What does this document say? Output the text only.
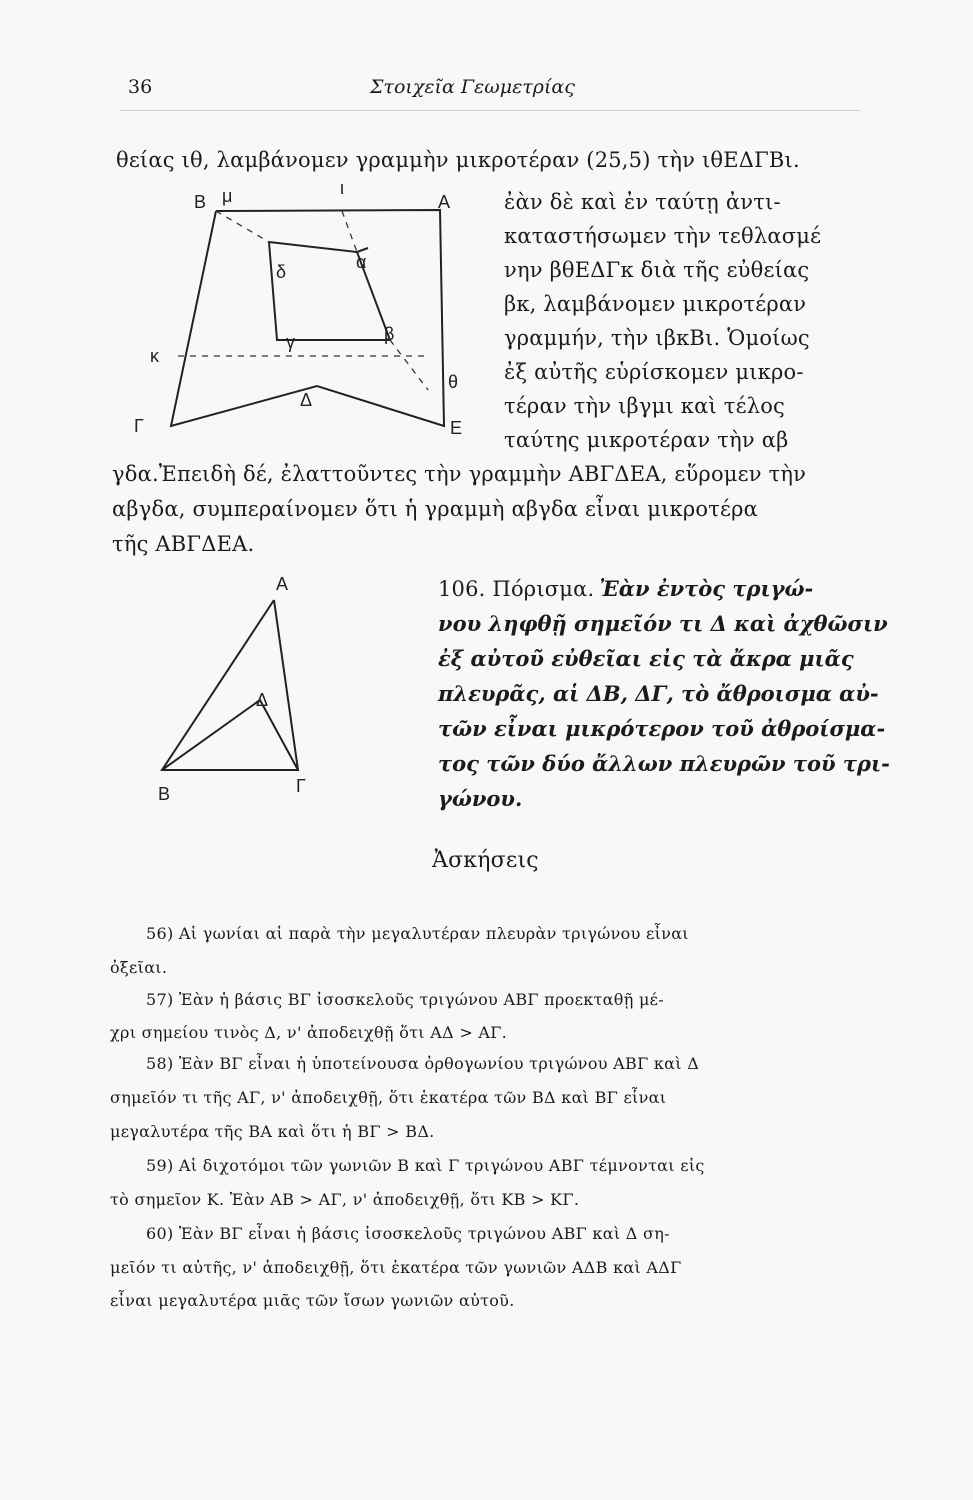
36	Στοιχεῖα Γεωμετρίας
θείας ιθ, λαμβάνομεν γραμμὴν μικροτέραν (25,5) τὴν ιθΕΔΓΒι.
Β μ	ι
Α
δ	α
γ	β
κ
θ
Δ
Γ	Ε
ἐὰν δὲ καὶ ἐν ταύτῃ ἀντι-
καταστήσωμεν τὴν τεθλασμέ
νην βθΕΔΓκ διὰ τῆς εὐθείας
βκ, λαμβάνομεν μικροτέραν
γραμμήν, τὴν ιβκΒι. Ὁμοίως
ἐξ αὐτῆς εὑρίσκομεν μικρο-
τέραν τὴν ιβγμι καὶ τέλος
ταύτης μικροτέραν τὴν αβ
γδα.Ἐπειδὴ δέ, ἐλαττοῦντες τὴν γραμμὴν ΑΒΓΔΕΑ, εὕρομεν τὴν
αβγδα, συμπεραίνομεν ὅτι ἡ γραμμὴ αβγδα εἶναι μικροτέρα
τῆς ΑΒΓΔΕΑ.
Α
Δ
Β	Γ
106. Πόρισμα. Ἐὰν ἐντὸς τριγώ-
νου ληφθῇ σημεῖόν τι Δ καὶ ἀχθῶσιν
ἐξ αὐτοῦ εὐθεῖαι εἰς τὰ ἄκρα μιᾶς
πλευρᾶς, αἱ ΔΒ, ΔΓ, τὸ ἄθροισμα αὐ-
τῶν εἶναι μικρότερον τοῦ ἀθροίσμα-
τος τῶν δύο ἄλλων πλευρῶν τοῦ τρι-
γώνου.
Ἀσκήσεις
56) Αἱ γωνίαι αἱ παρὰ τὴν μεγαλυτέραν πλευρὰν τριγώνου εἶναι
ὀξεῖαι.
57) Ἐὰν ἡ βάσις ΒΓ ἰσοσκελοῦς τριγώνου ΑΒΓ προεκταθῇ μέ-
χρι σημείου τινὸς Δ, ν' ἀποδειχθῇ ὅτι ΑΔ > ΑΓ.
58) Ἐὰν ΒΓ εἶναι ἡ ὑποτείνουσα ὀρθογωνίου τριγώνου ΑΒΓ καὶ Δ
σημεῖόν τι τῆς ΑΓ, ν' ἀποδειχθῇ, ὅτι ἑκατέρα τῶν ΒΔ καὶ ΒΓ εἶναι
μεγαλυτέρα τῆς ΒΑ καὶ ὅτι ἡ ΒΓ > ΒΔ.
59) Αἱ διχοτόμοι τῶν γωνιῶν Β καὶ Γ τριγώνου ΑΒΓ τέμνονται εἰς
τὸ σημεῖον Κ. Ἐὰν ΑΒ > ΑΓ, ν' ἀποδειχθῇ, ὅτι ΚΒ > ΚΓ.
60) Ἐὰν ΒΓ εἶναι ἡ βάσις ἰσοσκελοῦς τριγώνου ΑΒΓ καὶ Δ ση-
μεῖόν τι αὐτῆς, ν' ἀποδειχθῇ, ὅτι ἑκατέρα τῶν γωνιῶν ΑΔΒ καὶ ΑΔΓ
εἶναι μεγαλυτέρα μιᾶς τῶν ἴσων γωνιῶν αὐτοῦ.
